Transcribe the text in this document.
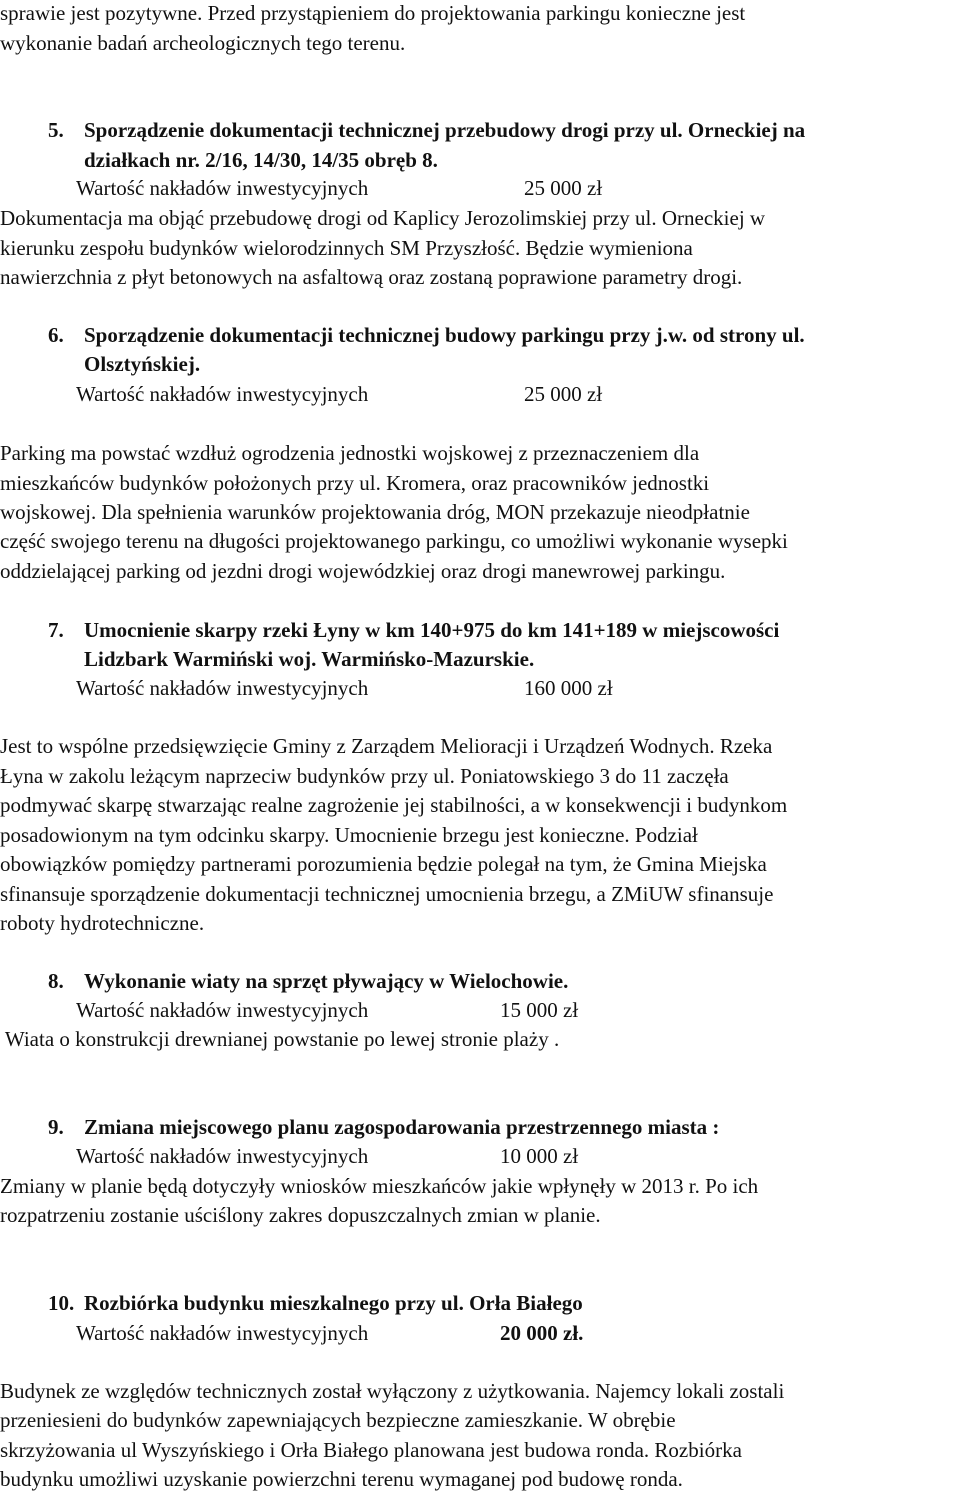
sprawie jest pozytywne. Przed przystąpieniem do projektowania parkingu konieczne jest
wykonanie badań archeologicznych tego terenu.
5. Sporządzenie dokumentacji technicznej przebudowy drogi przy ul. Orneckiej na
działkach nr. 2/16, 14/30, 14/35 obręb 8.
Wartość nakładów inwestycyjnych	25 000 zł
Dokumentacja ma objąć przebudowę drogi od Kaplicy Jerozolimskiej przy ul. Orneckiej w
kierunku zespołu budynków wielorodzinnych SM Przyszłość. Będzie wymieniona
nawierzchnia z płyt betonowych na asfaltową oraz zostaną poprawione parametry drogi.
6. Sporządzenie dokumentacji technicznej budowy parkingu przy j.w. od strony ul.
Olsztyńskiej.
Wartość nakładów inwestycyjnych	25 000 zł
Parking ma powstać wzdłuż ogrodzenia jednostki wojskowej z przeznaczeniem dla
mieszkańców budynków położonych przy ul. Kromera, oraz pracowników jednostki
wojskowej. Dla spełnienia warunków projektowania dróg, MON przekazuje nieodpłatnie
część swojego terenu na długości projektowanego parkingu, co umożliwi wykonanie wysepki
oddzielającej parking od jezdni drogi wojewódzkiej oraz drogi manewrowej parkingu.
7. Umocnienie skarpy rzeki Łyny w km 140+975 do km 141+189 w miejscowości
Lidzbark Warmiński woj. Warmińsko-Mazurskie.
Wartość nakładów inwestycyjnych	160 000 zł
Jest to wspólne przedsięwzięcie Gminy z Zarządem Melioracji i Urządzeń Wodnych. Rzeka
Łyna w zakolu leżącym naprzeciw budynków przy ul. Poniatowskiego 3 do 11 zaczęła
podmywać skarpę stwarzając realne zagrożenie jej stabilności, a w konsekwencji i budynkom
posadowionym na tym odcinku skarpy. Umocnienie brzegu jest konieczne. Podział
obowiązków pomiędzy partnerami porozumienia będzie polegał na tym, że Gmina Miejska
sfinansuje sporządzenie dokumentacji technicznej umocnienia brzegu, a ZMiUW sfinansuje
roboty hydrotechniczne.
8. Wykonanie wiaty na sprzęt pływający w Wielochowie.
Wartość nakładów inwestycyjnych	15 000 zł
Wiata o konstrukcji drewnianej powstanie po lewej stronie plaży .
9. Zmiana miejscowego planu zagospodarowania przestrzennego miasta :
Wartość nakładów inwestycyjnych	10 000 zł
Zmiany w planie będą dotyczyły wniosków mieszkańców jakie wpłynęły w 2013 r. Po ich
rozpatrzeniu zostanie uściślony zakres dopuszczalnych zmian w planie.
10. Rozbiórka budynku mieszkalnego przy ul. Orła Białego
Wartość nakładów inwestycyjnych	20 000 zł.
Budynek ze względów technicznych został wyłączony z użytkowania. Najemcy lokali zostali
przeniesieni do budynków zapewniających bezpieczne zamieszkanie. W obrębie
skrzyżowania ul Wyszyńskiego i Orła Białego planowana jest budowa ronda. Rozbiórka
budynku umożliwi uzyskanie powierzchni terenu wymaganej pod budowę ronda.
